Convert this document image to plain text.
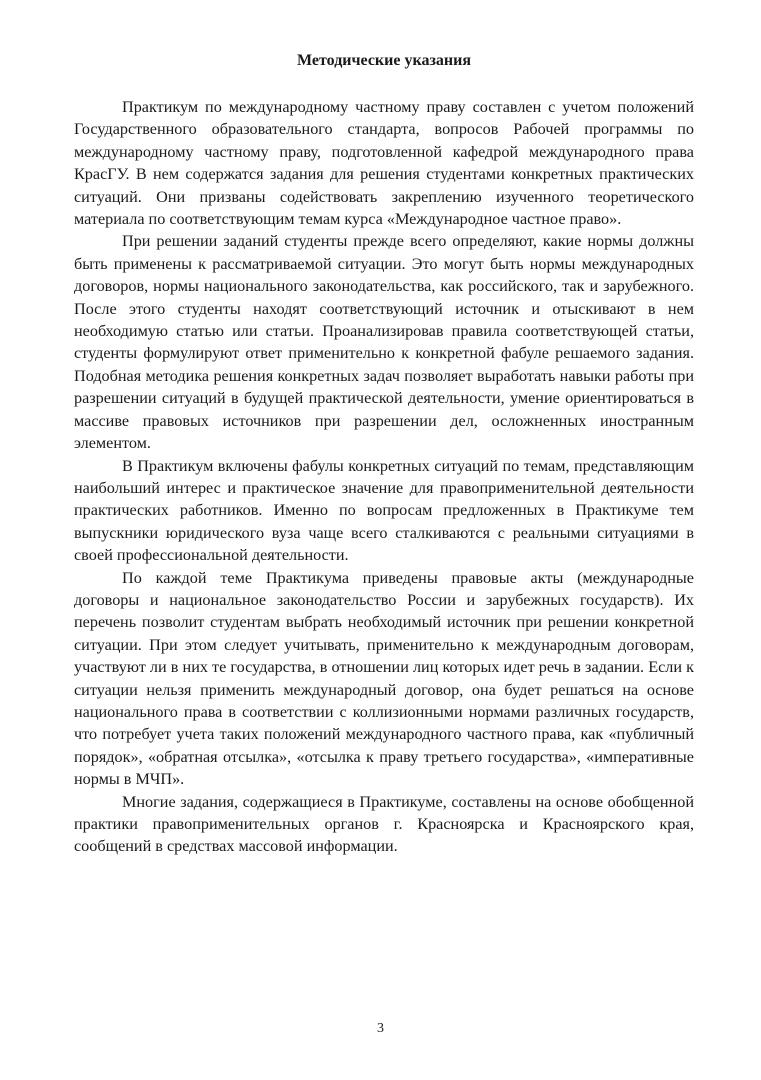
Методические указания

Практикум по международному частному праву составлен с учетом положений Государственного образовательного стандарта, вопросов Рабочей программы по международному частному праву, подготовленной кафедрой международного права КрасГУ. В нем содержатся задания для решения студентами конкретных практических ситуаций. Они призваны содействовать закреплению изученного теоретического материала по соответствующим темам курса «Международное частное право».

При решении заданий студенты прежде всего определяют, какие нормы должны быть применены к рассматриваемой ситуации. Это могут быть нормы международных договоров, нормы национального законодательства, как российского, так и зарубежного. После этого студенты находят соответствующий источник и отыскивают в нем необходимую статью или статьи. Проанализировав правила соответствующей статьи, студенты формулируют ответ применительно к конкретной фабуле решаемого задания. Подобная методика решения конкретных задач позволяет выработать навыки работы при разрешении ситуаций в будущей практической деятельности, умение ориентироваться в массиве правовых источников при разрешении дел, осложненных иностранным элементом.

В Практикум включены фабулы конкретных ситуаций по темам, представляющим наибольший интерес и практическое значение для правоприменительной деятельности практических работников. Именно по вопросам предложенных в Практикуме тем выпускники юридического вуза чаще всего сталкиваются с реальными ситуациями в своей профессиональной деятельности.

По каждой теме Практикума приведены правовые акты (международные договоры и национальное законодательство России и зарубежных государств). Их перечень позволит студентам выбрать необходимый источник при решении конкретной ситуации. При этом следует учитывать, применительно к международным договорам, участвуют ли в них те государства, в отношении лиц которых идет речь в задании. Если к ситуации нельзя применить международный договор, она будет решаться на основе национального права в соответствии с коллизионными нормами различных государств, что потребует учета таких положений международного частного права, как «публичный порядок», «обратная отсылка», «отсылка к праву третьего государства», «императивные нормы в МЧП».

Многие задания, содержащиеся в Практикуме, составлены на основе обобщенной практики правоприменительных органов г. Красноярска и Красноярского края, сообщений в средствах массовой информации.

3
